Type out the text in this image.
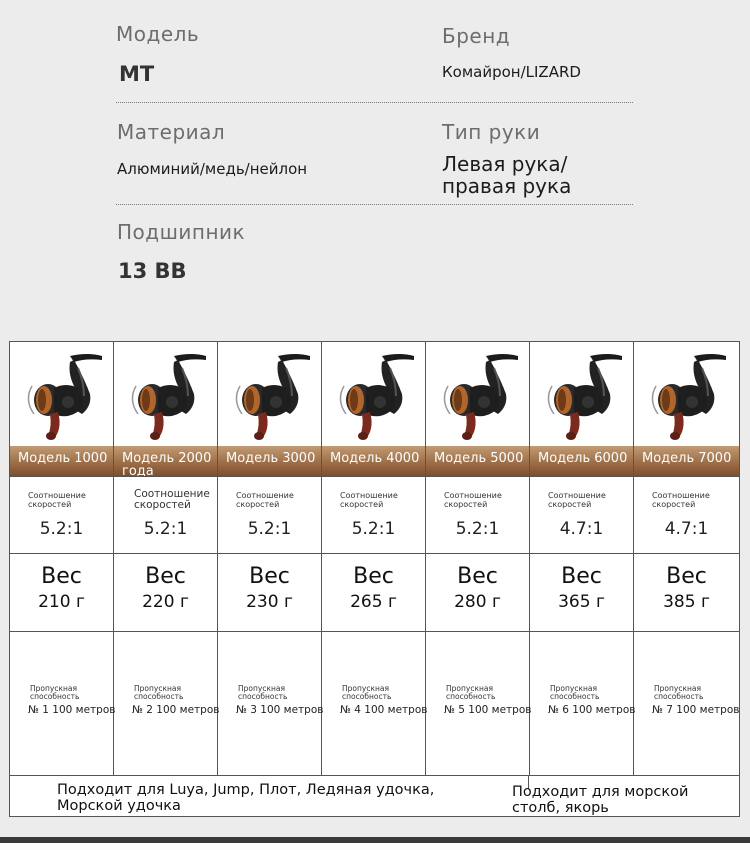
Модель
MT
Бренд
Комайрон/LIZARD
Материал
Алюминий/медь/нейлон
Тип руки
Левая рука/
правая рука
Подшипник
13 BB
Модель 1000
Соотношение скоростей
5.2:1
Вес
210 г
Пропускная способность
№ 1 100 метров
Модель 2000 года
Соотношение скоростей
5.2:1
Вес
220 г
Пропускная способность
№ 2 100 метров
Модель 3000
Соотношение скоростей
5.2:1
Вес
230 г
Пропускная способность
№ 3 100 метров
Модель 4000
Соотношение скоростей
5.2:1
Вес
265 г
Пропускная способность
№ 4 100 метров
Модель 5000
Соотношение скоростей
5.2:1
Вес
280 г
Пропускная способность
№ 5 100 метров
Модель 6000
Соотношение скоростей
4.7:1
Вес
365 г
Пропускная способность
№ 6 100 метров
Модель 7000
Соотношение скоростей
4.7:1
Вес
385 г
Пропускная способность
№ 7 100 метров
Подходит для Luya, Jump, Плот, Ледяная удочка, Морской удочка
Подходит для морской столб, якорь
